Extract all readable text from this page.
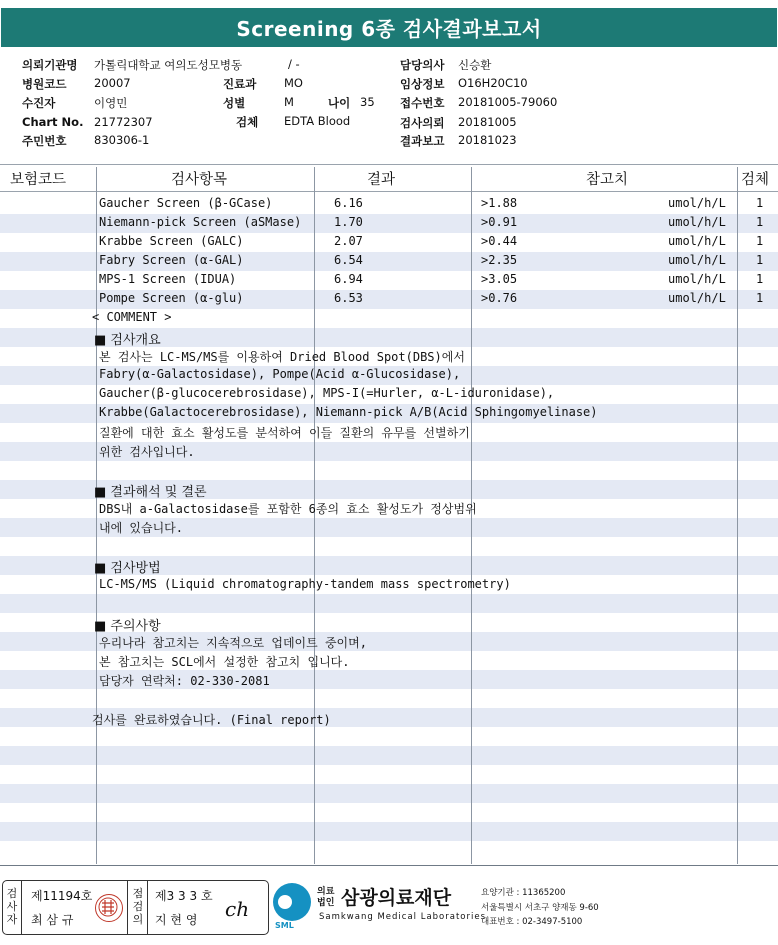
Screening 6종 검사결과보고서
의뢰기관명 가톨릭대학교 여의도성모병동	/ -
병원코드 20007	진료과 MO
수진자	이영민	성별	M	나이 35
Chart No. 21772307	검체 EDTA Blood
주민번호 830306-1
담당의사 신승환
임상정보 O16H20C10
접수번호 20181005-79060
검사의뢰 20181005
결과보고 20181023
보험코드	검사항목	결과	참고치	검체
Gaucher Screen (β-GCase)	6.16	>1.88	umol/h/L	1
Niemann-pick Screen (aSMase)	1.70	>0.91	umol/h/L	1
Krabbe Screen (GALC)	2.07	>0.44	umol/h/L	1
Fabry Screen (α-GAL)	6.54	>2.35	umol/h/L	1
MPS-1 Screen (IDUA)	6.94	>3.05	umol/h/L	1
Pompe Screen (α-glu)	6.53	>0.76	umol/h/L	1
< COMMENT >
■ 검사개요
본 검사는 LC-MS/MS를 이용하여 Dried Blood Spot(DBS)에서
Fabry(α-Galactosidase), Pompe(Acid α-Glucosidase),
Gaucher(β-glucocerebrosidase), MPS-I(=Hurler, α-L-iduronidase),
Krabbe(Galactocerebrosidase), Niemann-pick A/B(Acid Sphingomyelinase)
질환에 대한 효소 활성도를 분석하여 이들 질환의 유무를 선별하기
위한 검사입니다.
■ 결과해석 및 결론
DBS내 a-Galactosidase를 포함한 6종의 효소 활성도가 정상범위
내에 있습니다.
■ 검사방법
LC-MS/MS (Liquid chromatography-tandem mass spectrometry)
■ 주의사항
우리나라 참고치는 지속적으로 업데이트 중이며,
본 참고치는 SCL에서 설정한 참고치 입니다.
담당자 연락처: 02-330-2081
검사를 완료하였습니다. (Final report)
검사자
제11194호
최 삼 규
점검의
제3 3 3 호
지 현 영 ch
SML
의료법인 삼광의료재단
Samkwang Medical Laboratories
요양기관 : 11365200
서울특별시 서초구 양재동 9-60
대표번호 : 02-3497-5100
